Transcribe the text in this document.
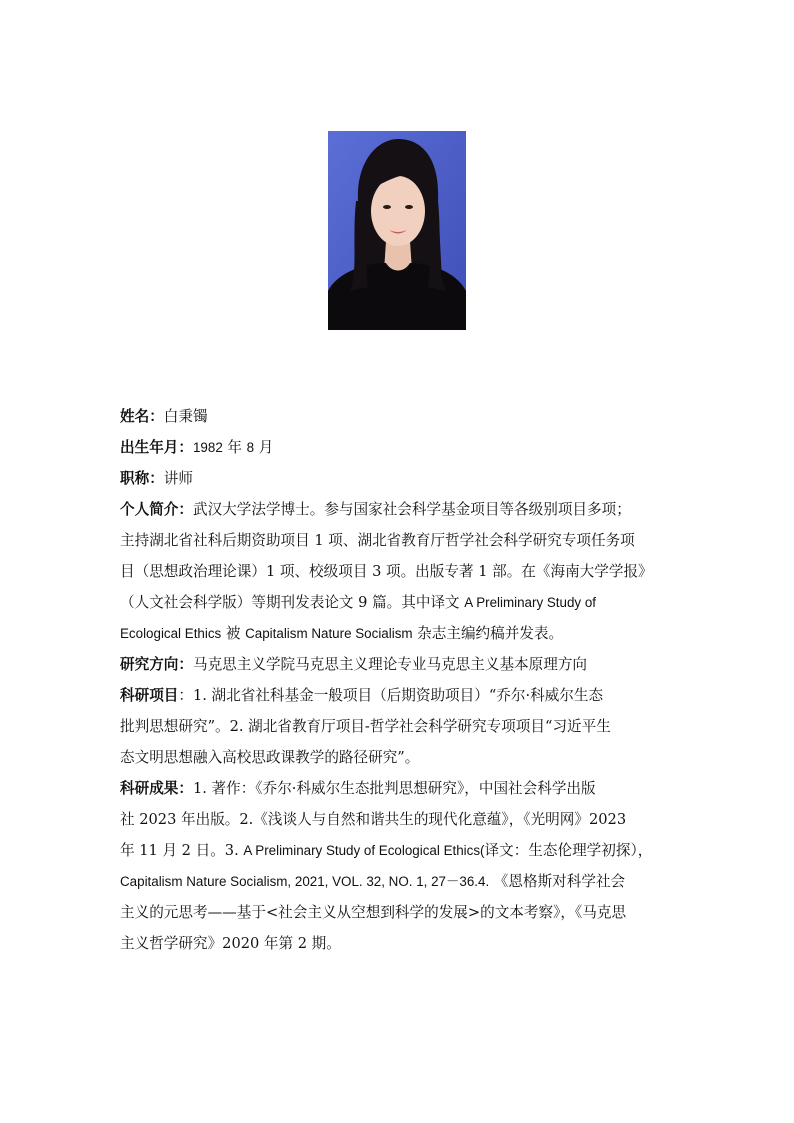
姓名：白秉镯
出生年月：1982 年 8 月
职称：讲师
个人简介：武汉大学法学博士。参与国家社会科学基金项目等各级别项目多项；
主持湖北省社科后期资助项目 1 项、湖北省教育厅哲学社会科学研究专项任务项
目（思想政治理论课）1 项、校级项目 3 项。出版专著 1 部。在《海南大学学报》
（人文社会科学版）等期刊发表论文 9 篇。其中译文 A Preliminary Study of
Ecological Ethics 被 Capitalism Nature Socialism 杂志主编约稿并发表。
研究方向：马克思主义学院马克思主义理论专业马克思主义基本原理方向
科研项目：1. 湖北省社科基金一般项目（后期资助项目）“乔尔·科威尔生态
批判思想研究”。2. 湖北省教育厅项目-哲学社会科学研究专项项目“习近平生
态文明思想融入高校思政课教学的路径研究”。
科研成果：1. 著作：《乔尔·科威尔生态批判思想研究》，中国社会科学出版
社 2023 年出版。2.《浅谈人与自然和谐共生的现代化意蕴》，《光明网》2023
年 11 月 2 日。3. A Preliminary Study of Ecological Ethics(译文：生态伦理学初探），
Capitalism Nature Socialism, 2021, VOL. 32, NO. 1, 27－36.4. 《恩格斯对科学社会
主义的元思考——基于<社会主义从空想到科学的发展>的文本考察》，《马克思
主义哲学研究》2020 年第 2 期。
